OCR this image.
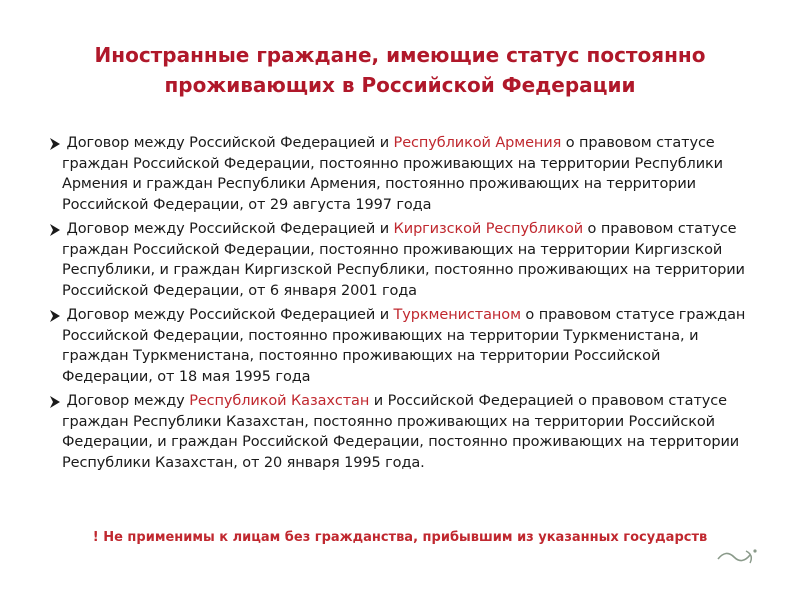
Иностранные граждане, имеющие статус постоянно проживающих в Российской Федерации

Договор между Российской Федерацией и Республикой Армения о правовом статусе граждан Российской Федерации, постоянно проживающих на территории Республики Армения и граждан Республики Армения, постоянно проживающих на территории Российской Федерации, от 29 августа 1997 года

Договор между Российской Федерацией и Киргизской Республикой о правовом статусе граждан Российской Федерации, постоянно проживающих на территории Киргизской Республики, и граждан Киргизской Республики, постоянно проживающих на территории Российской Федерации, от 6 января 2001 года

Договор между Российской Федерацией и Туркменистаном о правовом статусе граждан Российской Федерации, постоянно проживающих на территории Туркменистана, и граждан Туркменистана, постоянно проживающих на территории Российской Федерации, от 18 мая 1995 года

Договор между Республикой Казахстан и Российской Федерацией о правовом статусе граждан Республики Казахстан, постоянно проживающих на территории Российской Федерации, и граждан Российской Федерации, постоянно проживающих на территории Республики Казахстан, от 20 января 1995 года.

! Не применимы к лицам без гражданства, прибывшим из указанных государств
